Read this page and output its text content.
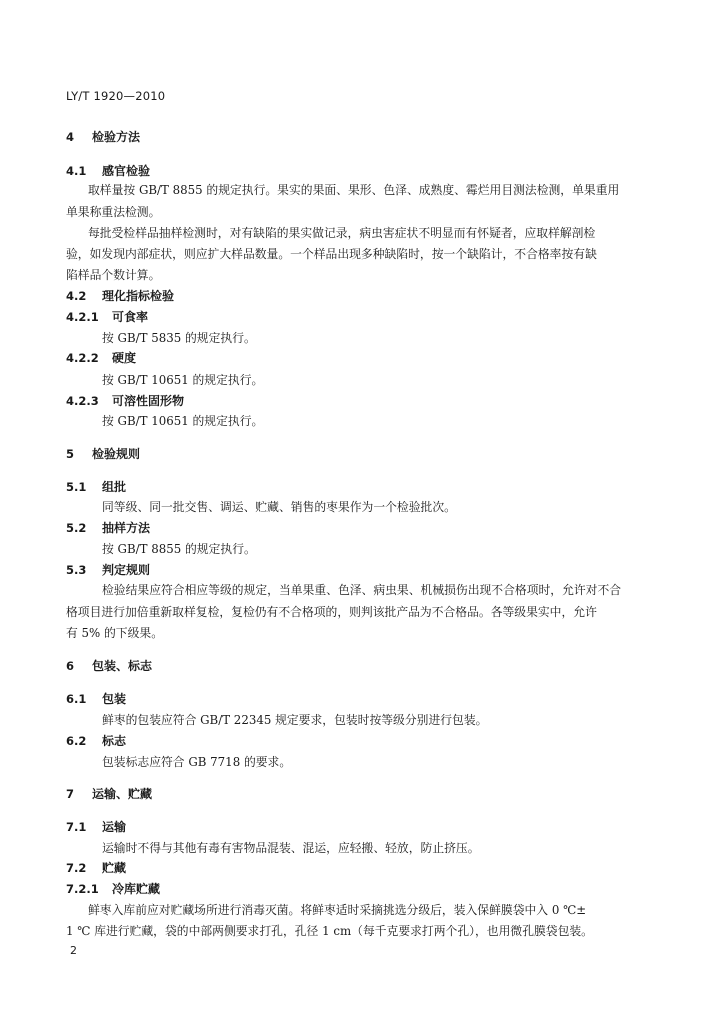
LY/T 1920—2010
4 检验方法
4.1 感官检验
取样量按 GB/T 8855 的规定执行。果实的果面、果形、色泽、成熟度、霉烂用目测法检测，单果重用
单果称重法检测。
每批受检样品抽样检测时，对有缺陷的果实做记录，病虫害症状不明显而有怀疑者，应取样解剖检
验，如发现内部症状，则应扩大样品数量。一个样品出现多种缺陷时，按一个缺陷计，不合格率按有缺
陷样品个数计算。
4.2 理化指标检验
4.2.1 可食率
按 GB/T 5835 的规定执行。
4.2.2 硬度
按 GB/T 10651 的规定执行。
4.2.3 可溶性固形物
按 GB/T 10651 的规定执行。
5 检验规则
5.1 组批
同等级、同一批交售、调运、贮藏、销售的枣果作为一个检验批次。
5.2 抽样方法
按 GB/T 8855 的规定执行。
5.3 判定规则
检验结果应符合相应等级的规定，当单果重、色泽、病虫果、机械损伤出现不合格项时，允许对不合
格项目进行加倍重新取样复检，复检仍有不合格项的，则判该批产品为不合格品。各等级果实中，允许
有 5% 的下级果。
6 包装、标志
6.1 包装
鲜枣的包装应符合 GB/T 22345 规定要求，包装时按等级分别进行包装。
6.2 标志
包装标志应符合 GB 7718 的要求。
7 运输、贮藏
7.1 运输
运输时不得与其他有毒有害物品混装、混运，应轻搬、轻放，防止挤压。
7.2 贮藏
7.2.1 冷库贮藏
鲜枣入库前应对贮藏场所进行消毒灭菌。将鲜枣适时采摘挑选分级后，装入保鲜膜袋中入 0 ℃±
1 ℃ 库进行贮藏，袋的中部两侧要求打孔，孔径 1 cm（每千克要求打两个孔），也用微孔膜袋包装。
2
